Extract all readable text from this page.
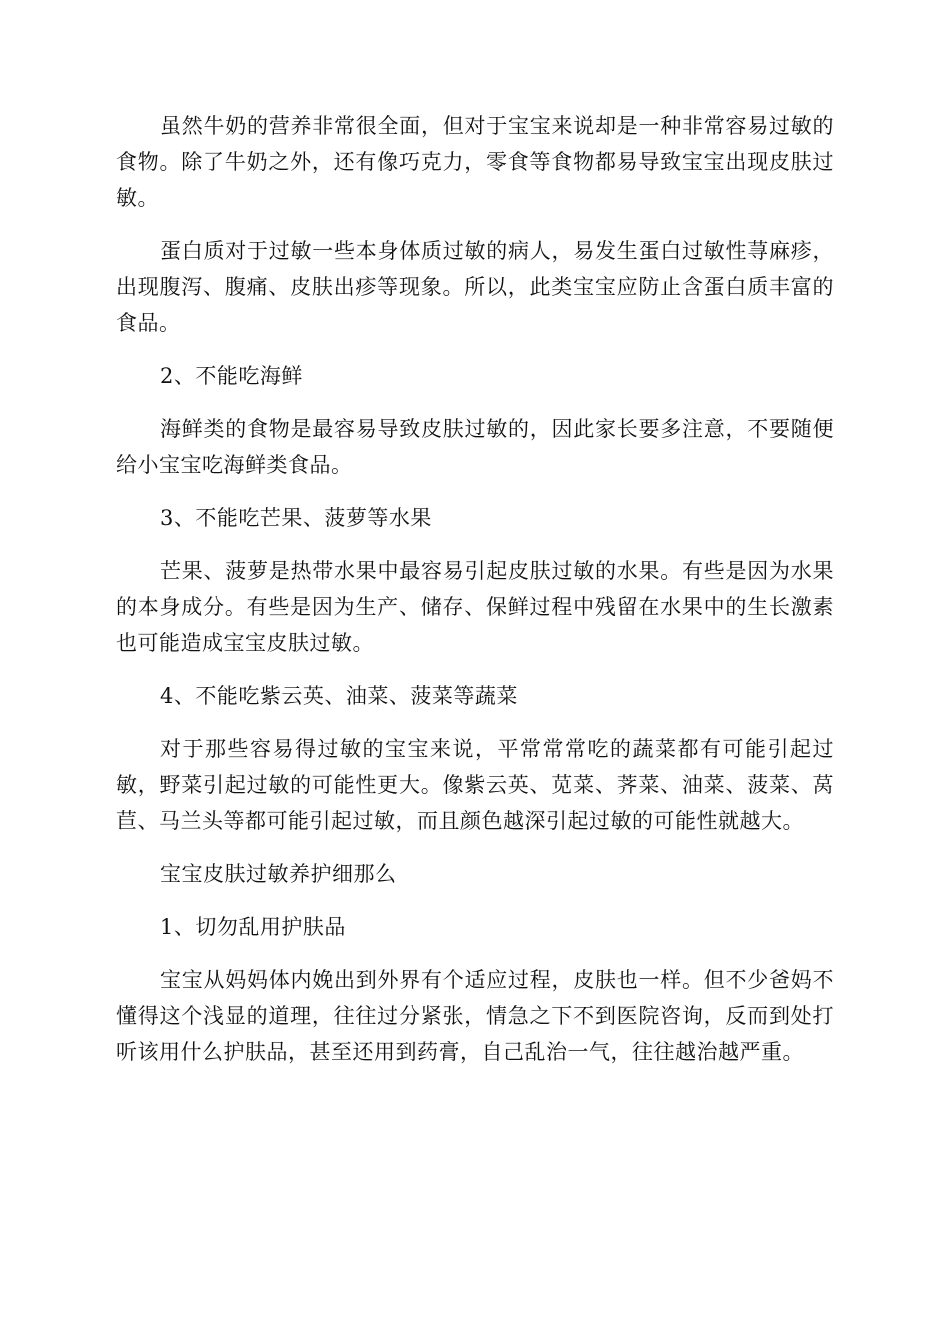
虽然牛奶的营养非常很全面，但对于宝宝来说却是一种非常容易过敏的食物。除了牛奶之外，还有像巧克力，零食等食物都易导致宝宝出现皮肤过敏。

蛋白质对于过敏一些本身体质过敏的病人，易发生蛋白过敏性荨麻疹，出现腹泻、腹痛、皮肤出疹等现象。所以，此类宝宝应防止含蛋白质丰富的食品。

2、不能吃海鲜

海鲜类的食物是最容易导致皮肤过敏的，因此家长要多注意，不要随便给小宝宝吃海鲜类食品。

3、不能吃芒果、菠萝等水果

芒果、菠萝是热带水果中最容易引起皮肤过敏的水果。有些是因为水果的本身成分。有些是因为生产、储存、保鲜过程中残留在水果中的生长激素也可能造成宝宝皮肤过敏。

4、不能吃紫云英、油菜、菠菜等蔬菜

对于那些容易得过敏的宝宝来说，平常常常吃的蔬菜都有可能引起过敏，野菜引起过敏的可能性更大。像紫云英、苋菜、荠菜、油菜、菠菜、莴苣、马兰头等都可能引起过敏，而且颜色越深引起过敏的可能性就越大。

宝宝皮肤过敏养护细那么

1、切勿乱用护肤品

宝宝从妈妈体内娩出到外界有个适应过程，皮肤也一样。但不少爸妈不懂得这个浅显的道理，往往过分紧张，情急之下不到医院咨询，反而到处打听该用什么护肤品，甚至还用到药膏，自己乱治一气，往往越治越严重。
